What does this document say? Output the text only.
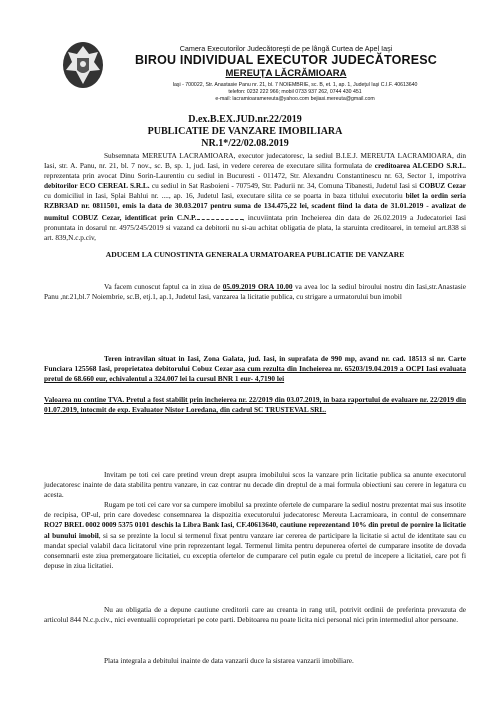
Camera Executorilor Judecătoreşti de pe lângă Curtea de Apel Iaşi
BIROU INDIVIDUAL EXECUTOR JUDECĂTORESC
MEREUŢA LĂCRĂMIOARA
Iaşi - 700022, Str. Anastasie Panu nr. 21, bl. 7 NOIEMBRIE, sc. B, et. 1, ap. 1, Judeţul Iaşi C.I.F. 40613640
telefon: 0232 222 966; mobil 0733 937 262, 0744 430 451
e-mail: lacramioaramereuta@yahoo.com bejiasi.mereuta@gmail.com
D.ex.B.EX.JUD.nr.22/2019
PUBLICATIE DE VANZARE IMOBILIARA
NR.1*/22/02.08.2019
Subsemnata MEREUTA LACRAMIOARA, executor judecatoresc, la sediul B.I.E.J. MEREUTA LACRAMIOARA, din Iasi, str. A. Panu, nr. 21, bl. 7 nov., sc. B, sp. 1, jud. Iasi, in vedere cererea de executare silita formulata de creditoarea ALCEDO S.R.L. reprezentata prin avocat Dinu Sorin-Laurentiu cu sediul in Bucuresti - 011472, Str. Alexandru Constantinescu nr. 63, Sector 1, impotriva debitorilor ECO CEREAL S.R.L. cu sediul in Sat Rasboieni - 707549, Str. Padurii nr. 34, Comuna Tibanesti, Judetul Iasi si COBUZ Cezar cu domiciliul in Iasi, Splai Bahlui nr. ...., ap. 16, Judetul Iasi, executare silita ce se poarta in baza titlului executoriu bilet la ordin seria RZBR3AD nr. 0811501, emis la data de 30.03.2017 pentru suma de 134.475,22 lei, scadent fiind la data de 31.01.2019 - avalizat de numitul COBUZ Cezar, identificat prin C.N.P.	, incuviintata prin Incheierea din data de 26.02.2019 a Judecatoriei Iasi pronuntata in dosarul nr. 4975/245/2019 si vazand ca debitorii nu si-au achitat obligatia de plata, la staruinta creditoarei, in temeiul art.838 si art. 839,N.c.p.civ,
ADUCEM LA CUNOSTINTA GENERALA URMATOAREA PUBLICATIE DE VANZARE
Va facem cunoscut faptul ca in ziua de 05.09.2019 ORA 10.00 va avea loc la sediul biroului nostru din Iasi,str.Anastasie Panu ,nr.21,bl.7 Noiembrie, sc.B, etj.1, ap.1, Judetul Iasi, vanzarea la licitatie publica, cu strigare a urmatorului bun imobil
Teren intravilan situat in Iasi, Zona Galata, jud. Iasi, in suprafata de 990 mp, avand nr. cad. 18513 si nr. Carte Funciara 125568 Iasi, proprietatea debitorului Cobuz Cezar asa cum rezulta din Incheierea nr. 65203/19.04.2019 a OCPI Iasi evaluata pretul de 68.660 eur, echivalentul a 324.007 lei la cursul BNR 1 eur- 4,7190 lei
Valoarea nu contine TVA. Pretul a fost stabilit prin incheierea nr. 22/2019 din 03.07.2019, in baza raportului de evaluare nr. 22/2019 din 01.07.2019, intocmit de exp. Evaluator Nistor Loredana, din cadrul SC TRUSTEVAL SRL.
Invitam pe toti cei care pretind vreun drept asupra imobilului scos la vanzare prin licitatie publica sa anunte executorul judecatoresc inainte de data stabilita pentru vanzare, in caz contrar nu decade din dreptul de a mai formula obiectiuni sau cerere in legatura cu acesta.
Rugam pe toti cei care vor sa cumpere imobilul sa prezinte ofertele de cumparare la sediul nostru prezentat mai sus insotite de recipisa, OP-ul, prin care dovedesc consemnarea la dispozitia executorului judecatoresc Mereuta Lacramioara, in contul de consemnare RO27 BREL 0002 0009 5375 0101 deschis la Libra Bank Iasi, CF.40613640, cautiune reprezentand 10% din pretul de pornire la licitatie al bunului imobil, si sa se prezinte la locul si termenul fixat pentru vanzare iar cererea de participare la licitatie si actul de identitate sau cu mandat special valabil daca licitatorul vine prin reprezentant legal. Termenul limita pentru depunerea ofertei de cumparare insotite de dovada consemnarii este ziua premergatoare licitatiei, cu exceptia ofertelor de cumparare cel putin egale cu pretul de incepere a licitatiei, care pot fi depuse in ziua licitatiei.
Nu au obligatia de a depune cautiune creditorii care au creanta in rang util, potrivit ordinii de preferinta prevazuta de articolul 844 N.c.p.civ., nici eventualii coproprietari pe cote parti. Debitoarea nu poate licita nici personal nici prin intermediul altor persoane.
Plata integrala a debitului inainte de data vanzarii duce la sistarea vanzarii imobiliare.
